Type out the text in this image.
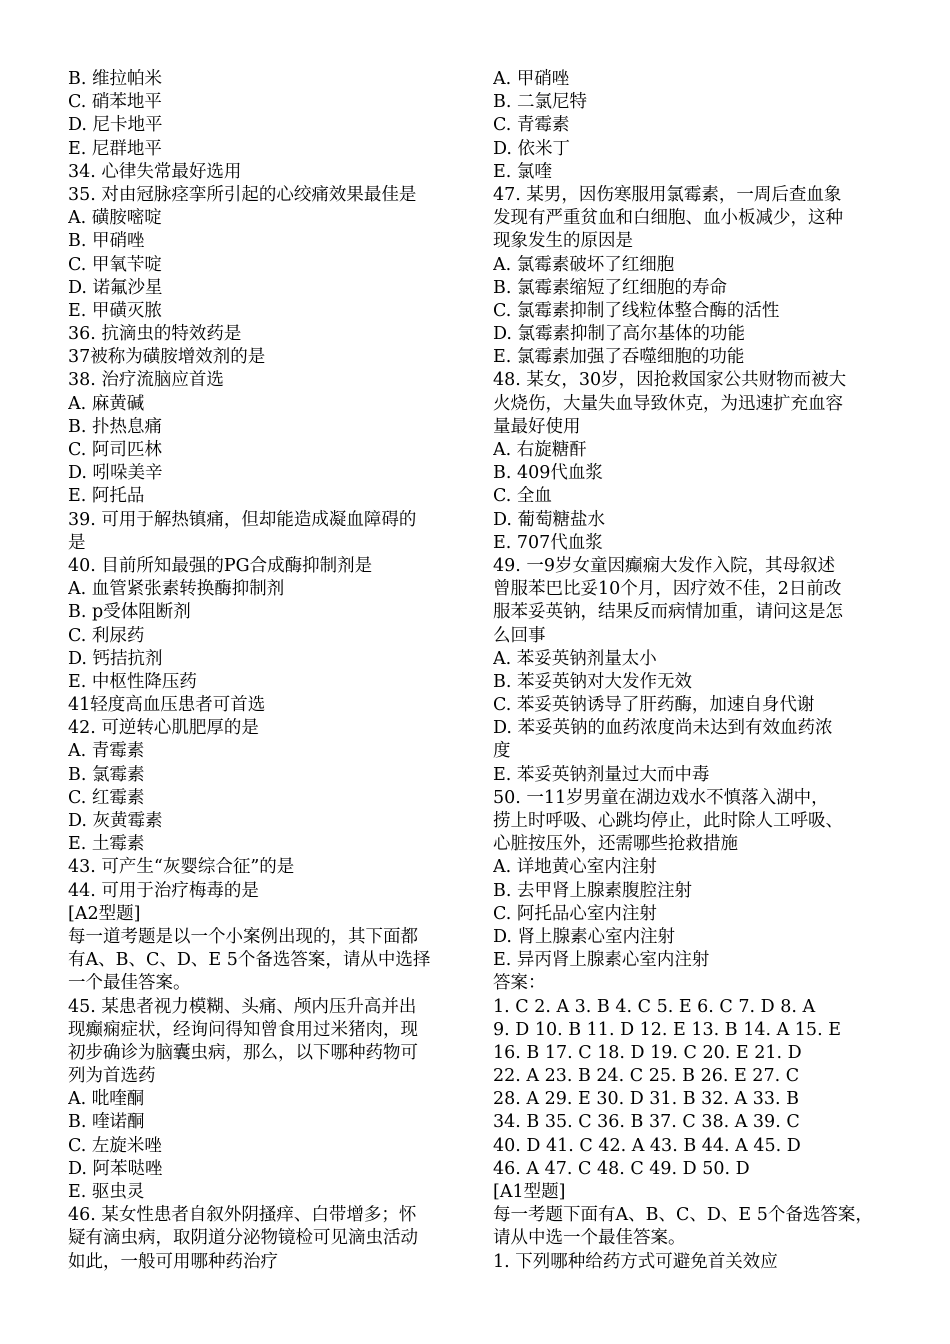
B. 维拉帕米
C. 硝苯地平
D. 尼卡地平
E. 尼群地平
34. 心律失常最好选用
35. 对由冠脉痉挛所引起的心绞痛效果最佳是
A. 磺胺嘧啶
B. 甲硝唑
C. 甲氧苄啶
D. 诺氟沙星
E. 甲磺灭脓
36. 抗滴虫的特效药是
37被称为磺胺增效剂的是
38. 治疗流脑应首选
A. 麻黄碱
B. 扑热息痛
C. 阿司匹林
D. 吲哚美辛
E. 阿托品
39. 可用于解热镇痛，但却能造成凝血障碍的
是
40. 目前所知最强的PG合成酶抑制剂是
A. 血管紧张素转换酶抑制剂
B. p受体阻断剂
C. 利尿药
D. 钙拮抗剂
E. 中枢性降压药
41轻度高血压患者可首选
42. 可逆转心肌肥厚的是
A. 青霉素
B. 氯霉素
C. 红霉素
D. 灰黄霉素
E. 土霉素
43. 可产生“灰婴综合征”的是
44. 可用于治疗梅毒的是
[A2型题]
每一道考题是以一个小案例出现的，其下面都
有A、B、C、D、E 5个备选答案，请从中选择
一个最佳答案。
45. 某患者视力模糊、头痛、颅内压升高并出
现癫痫症状，经询问得知曾食用过米猪肉，现
初步确诊为脑囊虫病，那么，以下哪种药物可
列为首选药
A. 吡喹酮
B. 喹诺酮
C. 左旋米唑
D. 阿苯哒唑
E. 驱虫灵
46. 某女性患者自叙外阴搔痒、白带增多；怀
疑有滴虫病，取阴道分泌物镜检可见滴虫活动
如此，一般可用哪种药治疗
A. 甲硝唑
B. 二氯尼特
C. 青霉素
D. 依米丁
E. 氯喹
47. 某男，因伤寒服用氯霉素，一周后查血象
发现有严重贫血和白细胞、血小板减少，这种
现象发生的原因是
A. 氯霉素破坏了红细胞
B. 氯霉素缩短了红细胞的寿命
C. 氯霉素抑制了线粒体整合酶的活性
D. 氯霉素抑制了高尔基体的功能
E. 氯霉素加强了吞噬细胞的功能
48. 某女，30岁，因抢救国家公共财物而被大
火烧伤，大量失血导致休克，为迅速扩充血容
量最好使用
A. 右旋糖酐
B. 409代血浆
C. 全血
D. 葡萄糖盐水
E. 707代血浆
49. 一9岁女童因癫痫大发作入院，其母叙述
曾服苯巴比妥10个月，因疗效不佳，2日前改
服苯妥英钠，结果反而病情加重，请问这是怎
么回事
A. 苯妥英钠剂量太小
B. 苯妥英钠对大发作无效
C. 苯妥英钠诱导了肝药酶，加速自身代谢
D. 苯妥英钠的血药浓度尚未达到有效血药浓
度
E. 苯妥英钠剂量过大而中毒
50. 一11岁男童在湖边戏水不慎落入湖中，
捞上时呼吸、心跳均停止，此时除人工呼吸、
心脏按压外，还需哪些抢救措施
A. 详地黄心室内注射
B. 去甲肾上腺素腹腔注射
C. 阿托品心室内注射
D. 肾上腺素心室内注射
E. 异丙肾上腺素心室内注射
答案：
1. C 2. A 3. B 4. C 5. E 6. C 7. D 8. A
9. D 10. B 11. D 12. E 13. B 14. A 15. E
16. B 17. C 18. D 19. C 20. E 21. D
22. A 23. B 24. C 25. B 26. E 27. C
28. A 29. E 30. D 31. B 32. A 33. B
34. B 35. C 36. B 37. C 38. A 39. C
40. D 41. C 42. A 43. B 44. A 45. D
46. A 47. C 48. C 49. D 50. D
[A1型题]
每一考题下面有A、B、C、D、E 5个备选答案，
请从中选一个最佳答案。
1. 下列哪种给药方式可避免首关效应
